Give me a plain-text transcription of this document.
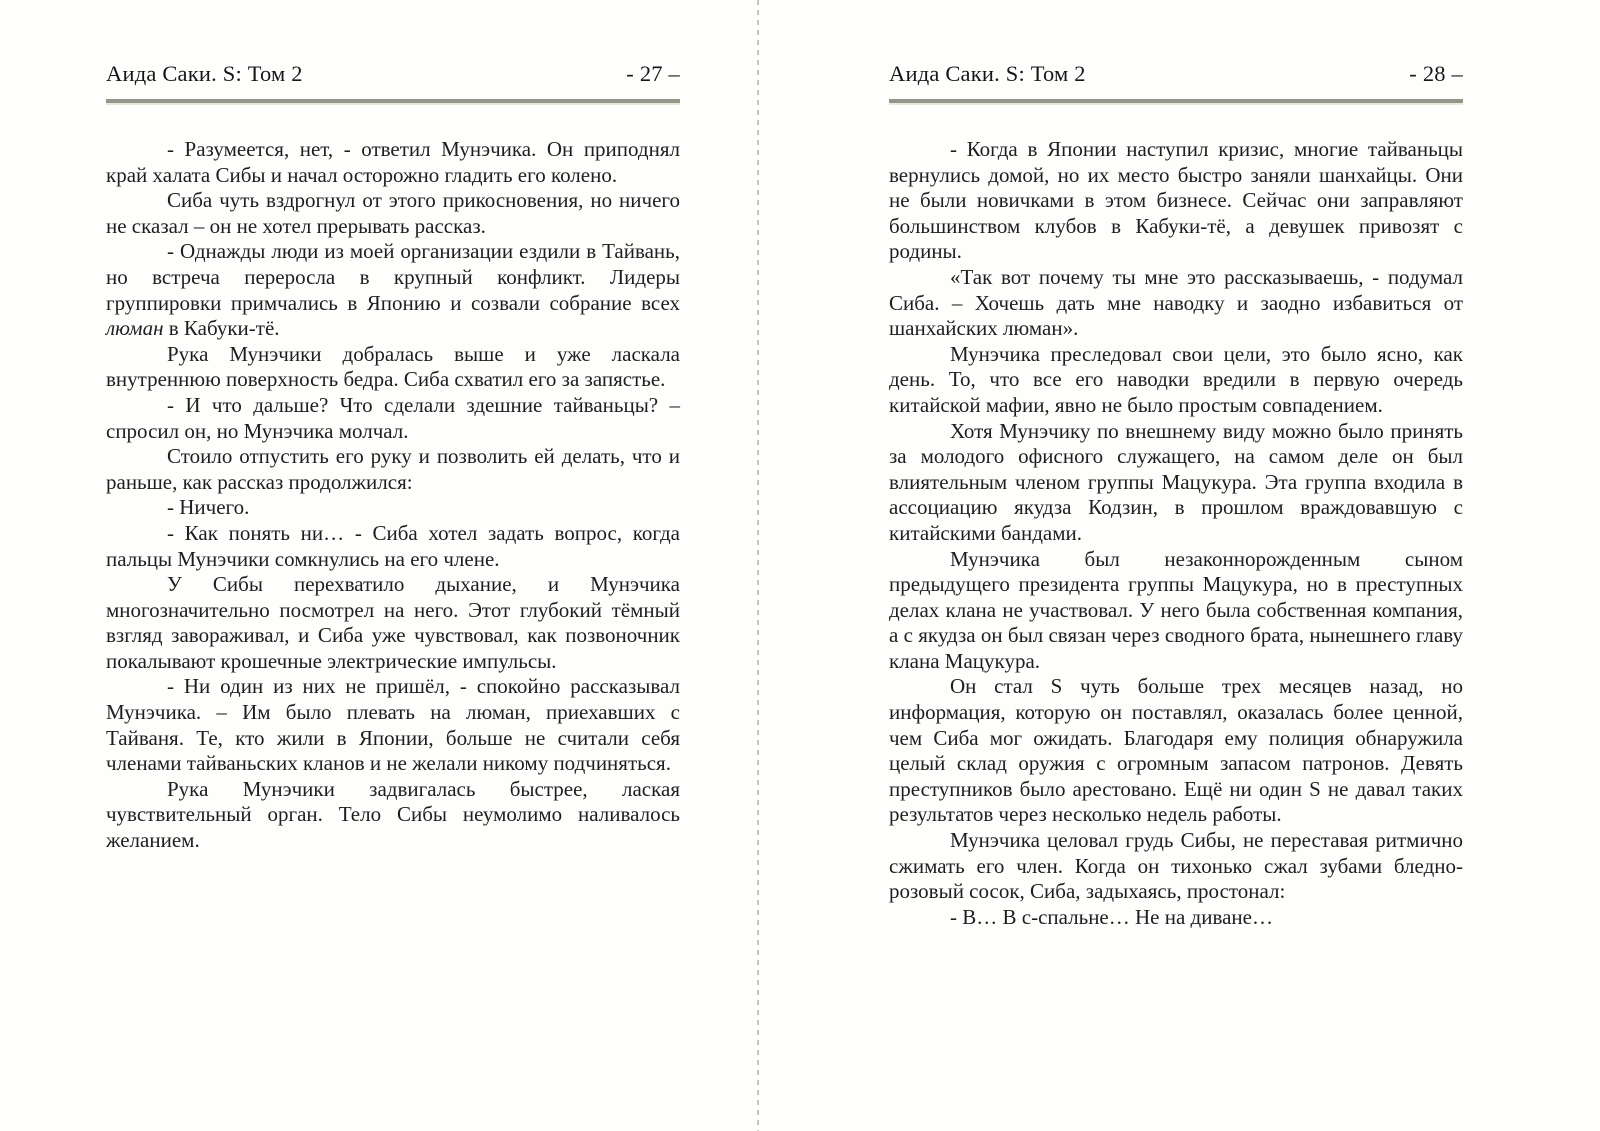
Аида Саки. S: Том 2	- 27 –

- Разумеется, нет, - ответил Мунэчика. Он приподнял край халата Сибы и начал осторожно гладить его колено.

Сиба чуть вздрогнул от этого прикосновения, но ничего не сказал – он не хотел прерывать рассказ.

- Однажды люди из моей организации ездили в Тайвань, но встреча переросла в крупный конфликт. Лидеры группировки примчались в Японию и созвали собрание всех люман в Кабуки-тё.

Рука Мунэчики добралась выше и уже ласкала внутреннюю поверхность бедра. Сиба схватил его за запястье.

- И что дальше? Что сделали здешние тайваньцы? – спросил он, но Мунэчика молчал.

Стоило отпустить его руку и позволить ей делать, что и раньше, как рассказ продолжился:

- Ничего.

- Как понять ни… - Сиба хотел задать вопрос, когда пальцы Мунэчики сомкнулись на его члене.

У Сибы перехватило дыхание, и Мунэчика многозначительно посмотрел на него. Этот глубокий тёмный взгляд завораживал, и Сиба уже чувствовал, как позвоночник покалывают крошечные электрические импульсы.

- Ни один из них не пришёл, - спокойно рассказывал Мунэчика. – Им было плевать на люман, приехавших с Тайваня. Те, кто жили в Японии, больше не считали себя членами тайваньских кланов и не желали никому подчиняться.

Рука Мунэчики задвигалась быстрее, лаская чувствительный орган. Тело Сибы неумолимо наливалось желанием.

Аида Саки. S: Том 2	- 28 –

- Когда в Японии наступил кризис, многие тайваньцы вернулись домой, но их место быстро заняли шанхайцы. Они не были новичками в этом бизнесе. Сейчас они заправляют большинством клубов в Кабуки-тё, а девушек привозят с родины.

«Так вот почему ты мне это рассказываешь, - подумал Сиба. – Хочешь дать мне наводку и заодно избавиться от шанхайских люман».

Мунэчика преследовал свои цели, это было ясно, как день. То, что все его наводки вредили в первую очередь китайской мафии, явно не было простым совпадением.

Хотя Мунэчику по внешнему виду можно было принять за молодого офисного служащего, на самом деле он был влиятельным членом группы Мацукура. Эта группа входила в ассоциацию якудза Кодзин, в прошлом враждовавшую с китайскими бандами.

Мунэчика был незаконнорожденным сыном предыдущего президента группы Мацукура, но в преступных делах клана не участвовал. У него была собственная компания, а с якудза он был связан через сводного брата, нынешнего главу клана Мацукура.

Он стал S чуть больше трех месяцев назад, но информация, которую он поставлял, оказалась более ценной, чем Сиба мог ожидать. Благодаря ему полиция обнаружила целый склад оружия с огромным запасом патронов. Девять преступников было арестовано. Ещё ни один S не давал таких результатов через несколько недель работы.

Мунэчика целовал грудь Сибы, не переставая ритмично сжимать его член. Когда он тихонько сжал зубами бледно-розовый сосок, Сиба, задыхаясь, простонал:

- В… В с-спальне… Не на диване…
